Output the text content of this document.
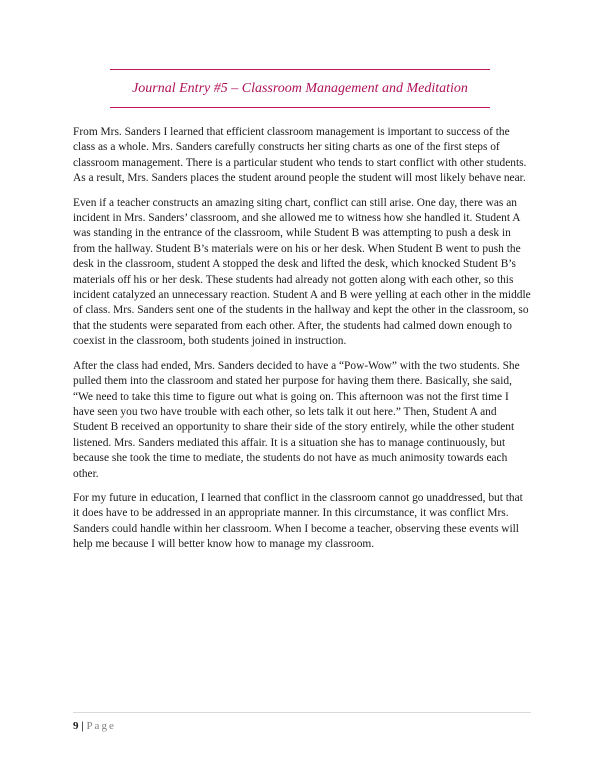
Journal Entry #5 – Classroom Management and Meditation

From Mrs. Sanders I learned that efficient classroom management is important to success of the class as a whole. Mrs. Sanders carefully constructs her siting charts as one of the first steps of classroom management. There is a particular student who tends to start conflict with other students. As a result, Mrs. Sanders places the student around people the student will most likely behave near.

Even if a teacher constructs an amazing siting chart, conflict can still arise. One day, there was an incident in Mrs. Sanders’ classroom, and she allowed me to witness how she handled it. Student A was standing in the entrance of the classroom, while Student B was attempting to push a desk in from the hallway. Student B’s materials were on his or her desk. When Student B went to push the desk in the classroom, student A stopped the desk and lifted the desk, which knocked Student B’s materials off his or her desk. These students had already not gotten along with each other, so this incident catalyzed an unnecessary reaction. Student A and B were yelling at each other in the middle of class. Mrs. Sanders sent one of the students in the hallway and kept the other in the classroom, so that the students were separated from each other. After, the students had calmed down enough to coexist in the classroom, both students joined in instruction.

After the class had ended, Mrs. Sanders decided to have a “Pow-Wow” with the two students. She pulled them into the classroom and stated her purpose for having them there. Basically, she said, “We need to take this time to figure out what is going on. This afternoon was not the first time I have seen you two have trouble with each other, so lets talk it out here.” Then, Student A and Student B received an opportunity to share their side of the story entirely, while the other student listened. Mrs. Sanders mediated this affair. It is a situation she has to manage continuously, but because she took the time to mediate, the students do not have as much animosity towards each other.

For my future in education, I learned that conflict in the classroom cannot go unaddressed, but that it does have to be addressed in an appropriate manner. In this circumstance, it was conflict Mrs. Sanders could handle within her classroom. When I become a teacher, observing these events will help me because I will better know how to manage my classroom.

9 | Page
